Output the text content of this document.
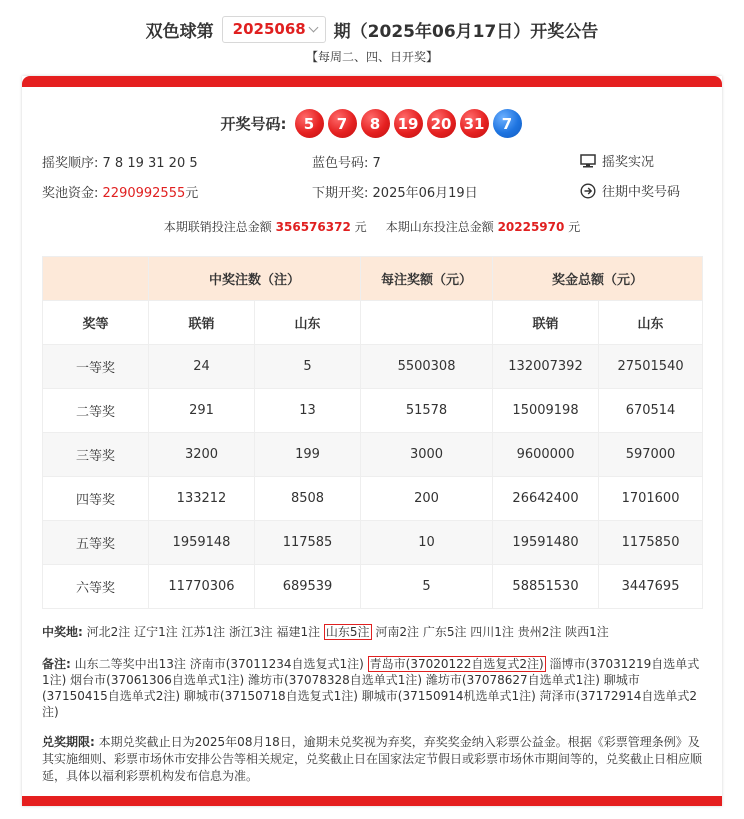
双色球第 2025068 期（2025年06月17日）开奖公告
【每周二、四、日开奖】
开奖号码:	5	7	8	19 20 31	7
摇奖顺序: 7 8 19 31 20 5	蓝色号码: 7	摇奖实况
奖池资金: 2290992555元	下期开奖: 2025年06月19日	往期中奖号码
本期联销投注总金额 356576372 元 本期山东投注总金额 20225970 元
	中奖注数（注）		每注奖额（元）	奖金总额（元）	
奖等	联销	山东		联销	山东
一等奖	24	5	5500308	132007392	27501540
二等奖	291	13	51578	15009198	670514
三等奖	3200	199	3000	9600000	597000
四等奖	133212	8508	200	26642400	1701600
五等奖	1959148	117585	10	19591480	1175850
六等奖	11770306	689539	5	58851530	3447695
中奖地: 河北2注 辽宁1注 江苏1注 浙江3注 福建1注 山东5注 河南2注 广东5注 四川1注 贵州2注 陕西1注
备注: 山东二等奖中出13注 济南市(37011234自选复式1注) 青岛市(37020122自选复式2注) 淄博市(37031219自选单式1注) 烟台市(37061306自选单式1注) 潍坊市(37078328自选单式1注) 潍坊市(37078627自选单式1注) 聊城市(37150415自选单式2注) 聊城市(37150718自选复式1注) 聊城市(37150914机选单式1注) 菏泽市(37172914自选单式2注)
兑奖期限: 本期兑奖截止日为2025年08月18日，逾期未兑奖视为弃奖，弃奖奖金纳入彩票公益金。根据《彩票管理条例》及其实施细则、彩票市场休市安排公告等相关规定，兑奖截止日在国家法定节假日或彩票市场休市期间等的，兑奖截止日相应顺延，具体以福利彩票机构发布信息为准。
